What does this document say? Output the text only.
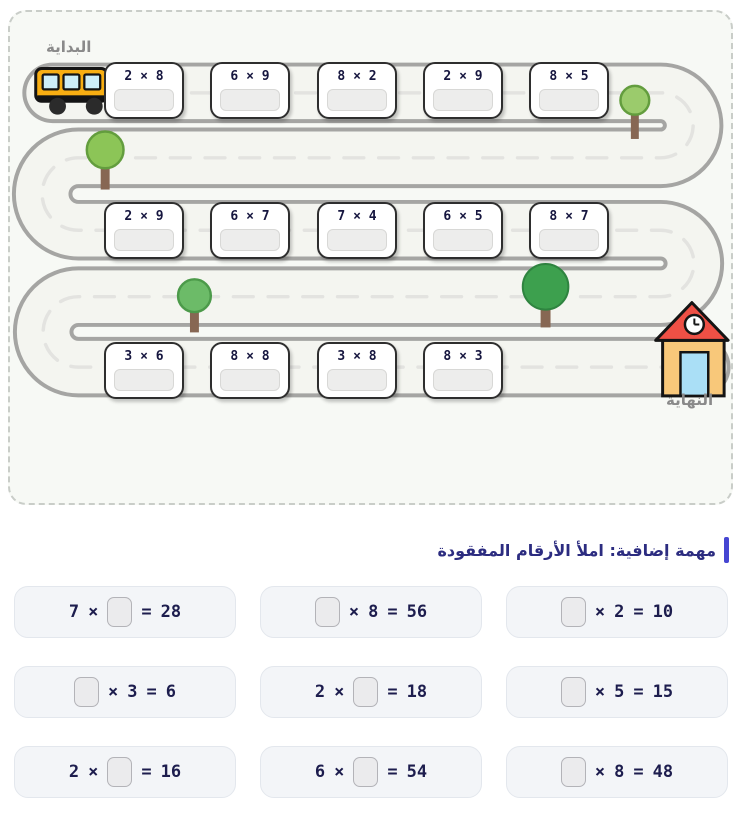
البداية
النهاية
2 × 8	6 × 9	8 × 2	2 × 9	8 × 5
2 × 9	6 × 7	7 × 4	6 × 5	8 × 7
3 × 6	8 × 8	3 × 8	8 × 3
مهمة إضافية: املأ الأرقام المفقودة
7 ×	= 28	× 8 = 56	× 2 = 10
× 3 = 6	2 ×	= 18	× 5 = 15
2 ×	= 16	6 ×	= 54	× 8 = 48
